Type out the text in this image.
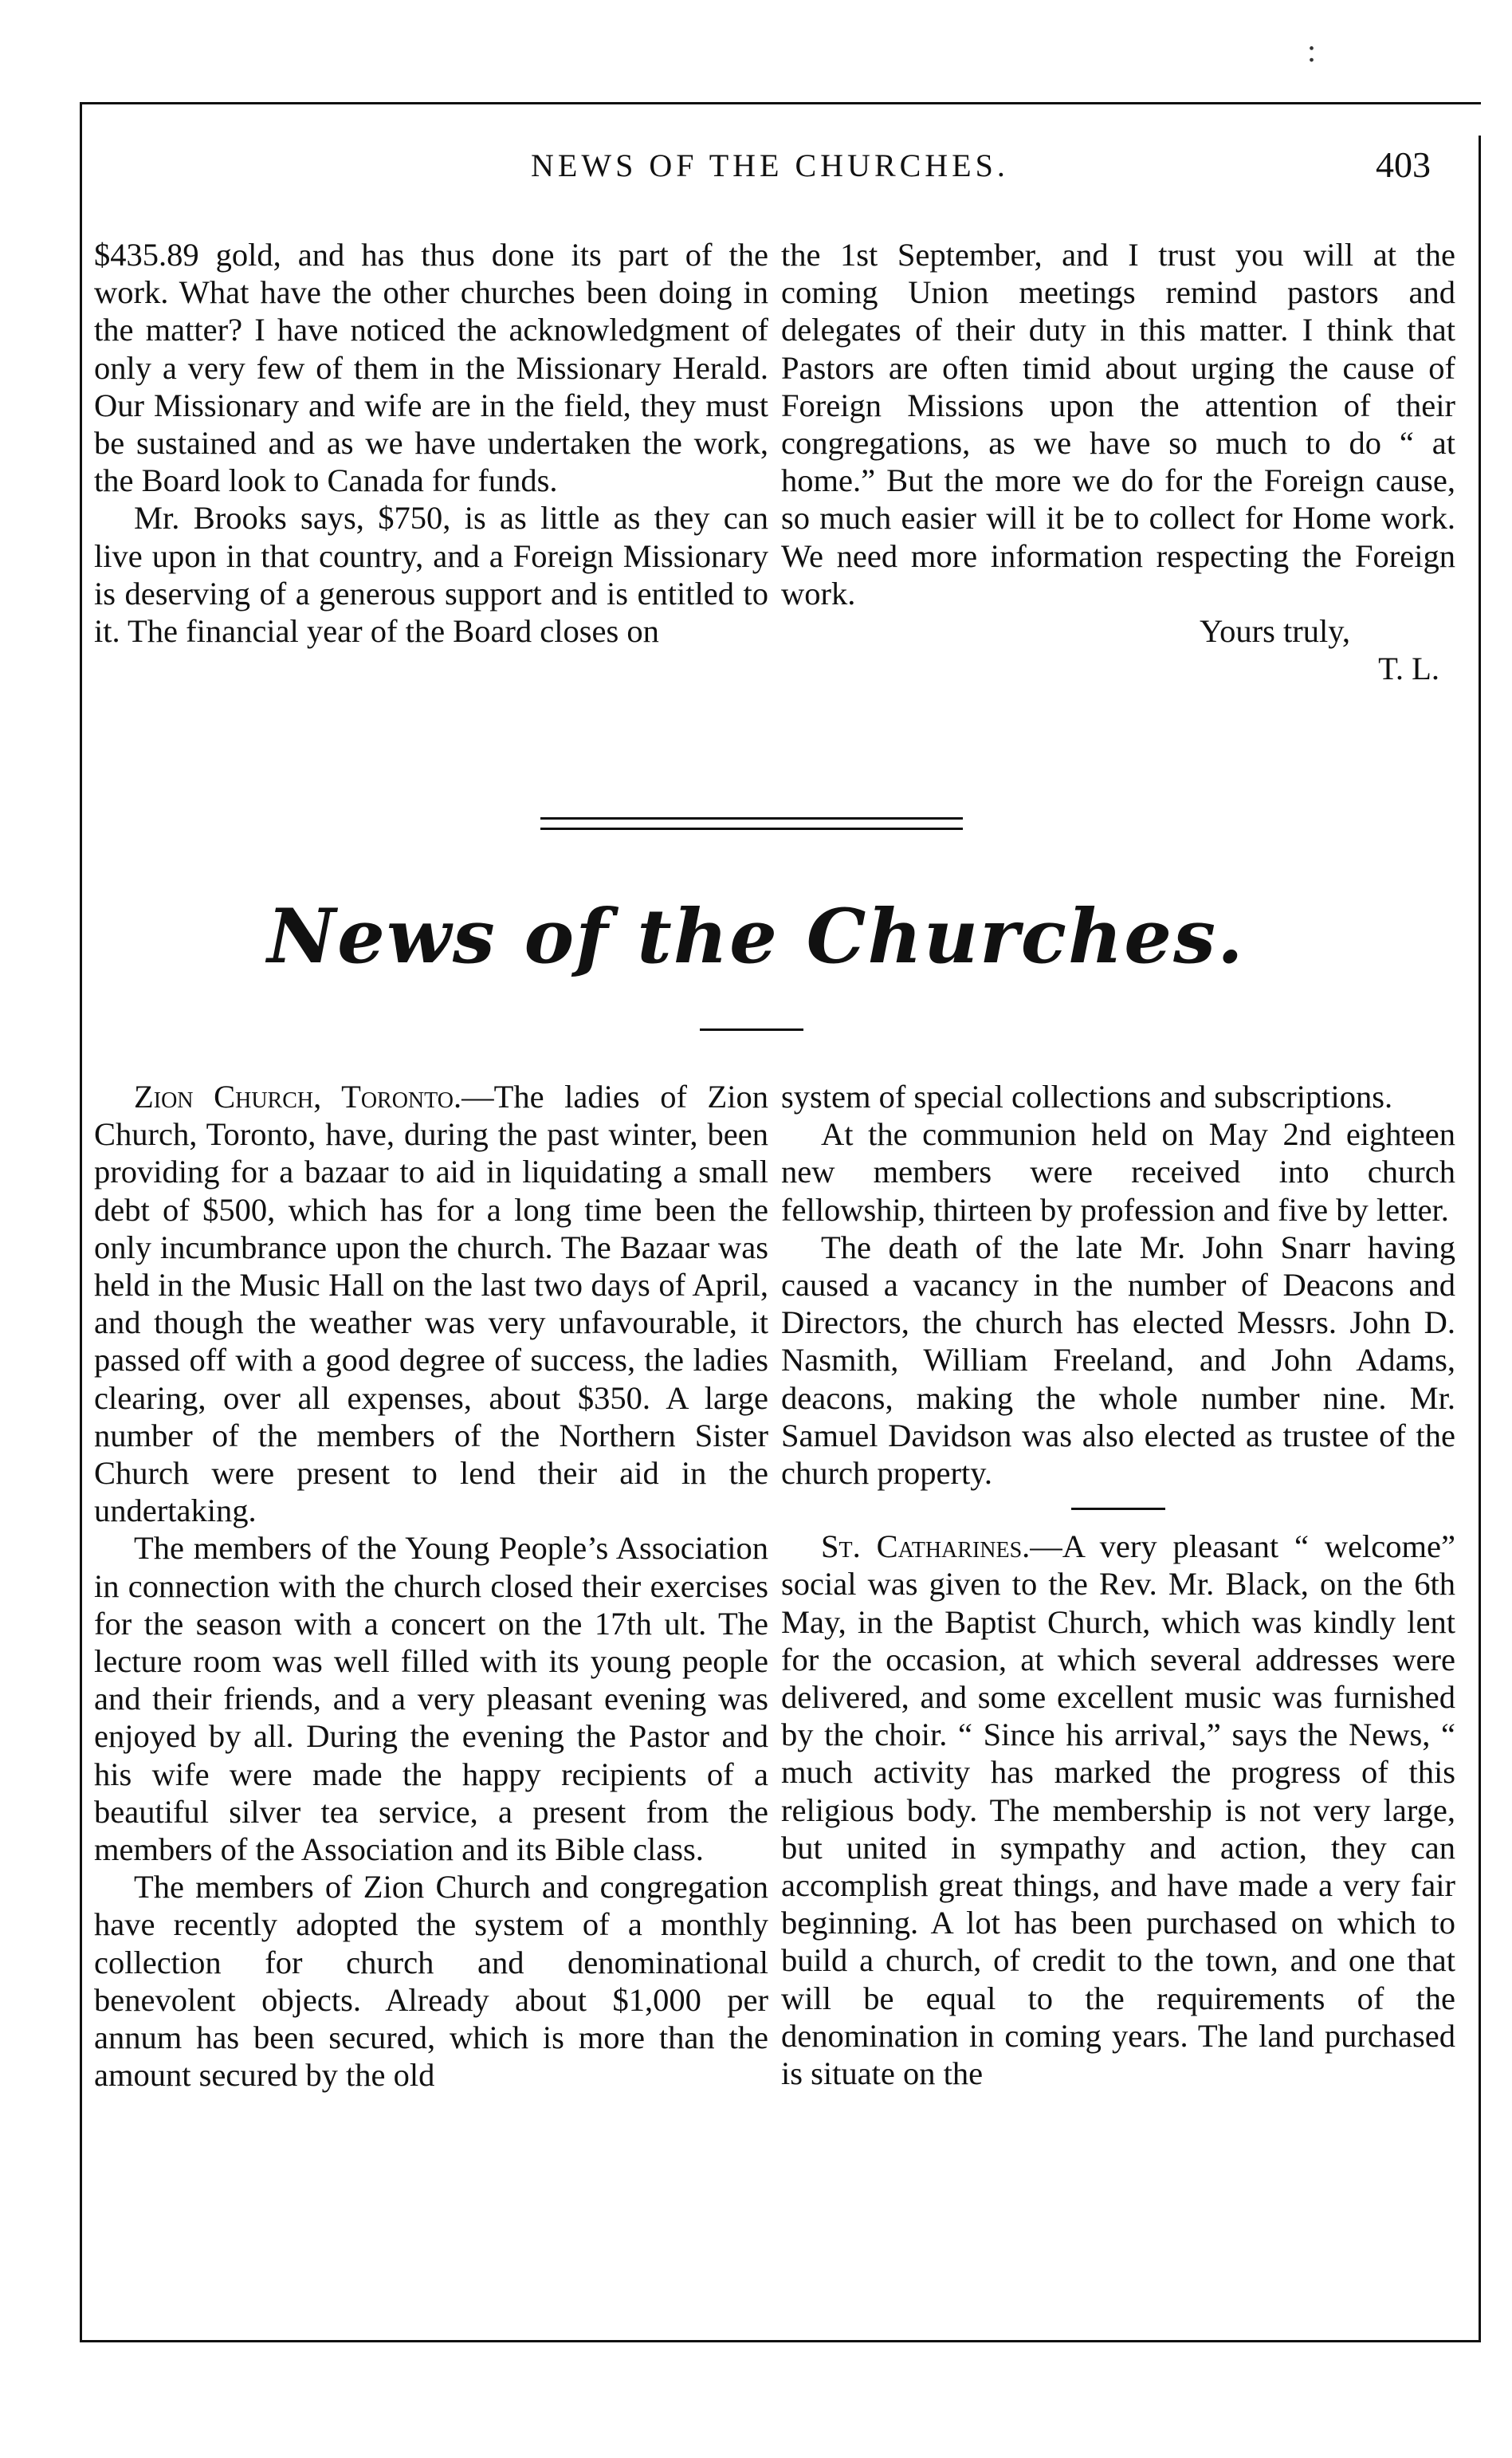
:
NEWS OF THE CHURCHES.	403

$435.89 gold, and has thus done its part of the work. What have the other churches been doing in the matter? I have noticed the acknowledgment of only a very few of them in the Missionary Herald. Our Missionary and wife are in the field, they must be sustained and as we have undertaken the work, the Board look to Canada for funds.

Mr. Brooks says, $750, is as little as they can live upon in that country, and a Foreign Missionary is deserving of a generous support and is entitled to it. The financial year of the Board closes on

the 1st September, and I trust you will at the coming Union meetings remind pastors and delegates of their duty in this matter. I think that Pastors are often timid about urging the cause of Foreign Missions upon the attention of their congregations, as we have so much to do “ at home.” But the more we do for the Foreign cause, so much easier will it be to collect for Home work. We need more information respecting the Foreign work.

Yours truly,

T. L.

News of the Churches.

Zion Church, Toronto.—The ladies of Zion Church, Toronto, have, during the past winter, been providing for a bazaar to aid in liquidating a small debt of $500, which has for a long time been the only incumbrance upon the church. The Bazaar was held in the Music Hall on the last two days of April, and though the weather was very unfavourable, it passed off with a good degree of success, the ladies clearing, over all expenses, about $350. A large number of the members of the Northern Sister Church were present to lend their aid in the undertaking.

The members of the Young People’s Association in connection with the church closed their exercises for the season with a concert on the 17th ult. The lecture room was well filled with its young people and their friends, and a very pleasant evening was enjoyed by all. During the evening the Pastor and his wife were made the happy recipients of a beautiful silver tea service, a present from the members of the Association and its Bible class.

The members of Zion Church and congregation have recently adopted the system of a monthly collection for church and denominational benevolent objects. Already about $1,000 per annum has been secured, which is more than the amount secured by the old

system of special collections and subscriptions.

At the communion held on May 2nd eighteen new members were received into church fellowship, thirteen by profession and five by letter.

The death of the late Mr. John Snarr having caused a vacancy in the number of Deacons and Directors, the church has elected Messrs. John D. Nasmith, William Freeland, and John Adams, deacons, making the whole number nine. Mr. Samuel Davidson was also elected as trustee of the church property.

St. Catharines.—A very pleasant “ welcome” social was given to the Rev. Mr. Black, on the 6th May, in the Baptist Church, which was kindly lent for the occasion, at which several addresses were delivered, and some excellent music was furnished by the choir. “ Since his arrival,” says the News, “ much activity has marked the progress of this religious body. The membership is not very large, but united in sympathy and action, they can accomplish great things, and have made a very fair beginning. A lot has been purchased on which to build a church, of credit to the town, and one that will be equal to the requirements of the denomination in coming years. The land purchased is situate on the
